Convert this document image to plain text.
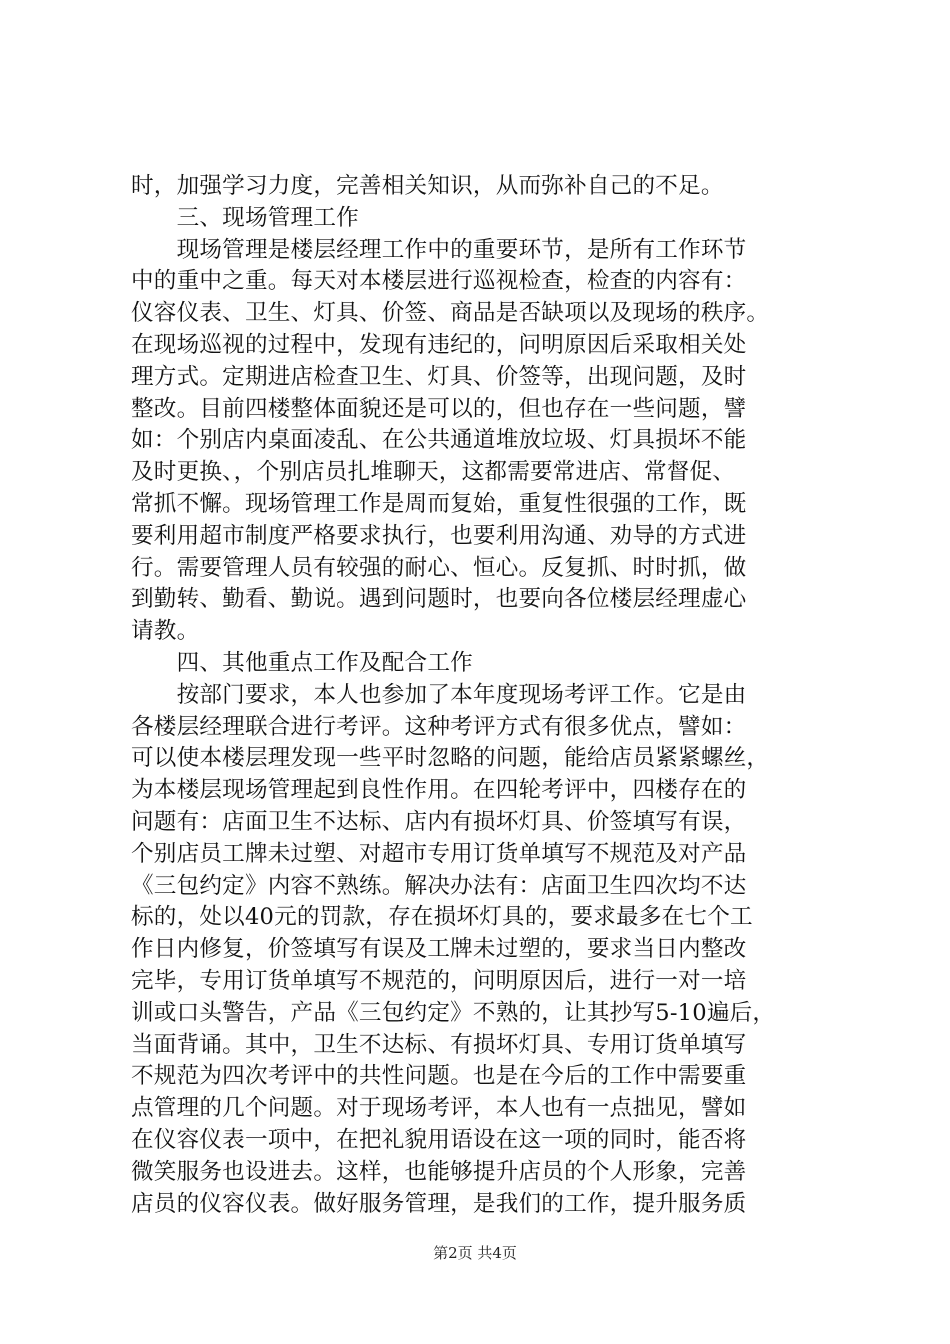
时，加强学习力度，完善相关知识，从而弥补自己的不足。
　　三、现场管理工作
　　现场管理是楼层经理工作中的重要环节，是所有工作环节
中的重中之重。每天对本楼层进行巡视检查，检查的内容有：
仪容仪表、卫生、灯具、价签、商品是否缺项以及现场的秩序。
在现场巡视的过程中，发现有违纪的，问明原因后采取相关处
理方式。定期进店检查卫生、灯具、价签等，出现问题，及时
整改。目前四楼整体面貌还是可以的，但也存在一些问题，譬
如：个别店内桌面凌乱、在公共通道堆放垃圾、灯具损坏不能
及时更换、，个别店员扎堆聊天，这都需要常进店、常督促、
常抓不懈。现场管理工作是周而复始，重复性很强的工作，既
要利用超市制度严格要求执行，也要利用沟通、劝导的方式进
行。需要管理人员有较强的耐心、恒心。反复抓、时时抓，做
到勤转、勤看、勤说。遇到问题时，也要向各位楼层经理虚心
请教。
　　四、其他重点工作及配合工作
　　按部门要求，本人也参加了本年度现场考评工作。它是由
各楼层经理联合进行考评。这种考评方式有很多优点，譬如：
可以使本楼层理发现一些平时忽略的问题，能给店员紧紧螺丝，
为本楼层现场管理起到良性作用。在四轮考评中，四楼存在的
问题有：店面卫生不达标、店内有损坏灯具、价签填写有误，
个别店员工牌未过塑、对超市专用订货单填写不规范及对产品
《三包约定》内容不熟练。解决办法有：店面卫生四次均不达
标的，处以40元的罚款，存在损坏灯具的，要求最多在七个工
作日内修复，价签填写有误及工牌未过塑的，要求当日内整改
完毕，专用订货单填写不规范的，问明原因后，进行一对一培
训或口头警告，产品《三包约定》不熟的，让其抄写5-10遍后，
当面背诵。其中，卫生不达标、有损坏灯具、专用订货单填写
不规范为四次考评中的共性问题。也是在今后的工作中需要重
点管理的几个问题。对于现场考评，本人也有一点拙见，譬如
在仪容仪表一项中，在把礼貌用语设在这一项的同时，能否将
微笑服务也设进去。这样，也能够提升店员的个人形象，完善
店员的仪容仪表。做好服务管理，是我们的工作，提升服务质
第2页 共4页
